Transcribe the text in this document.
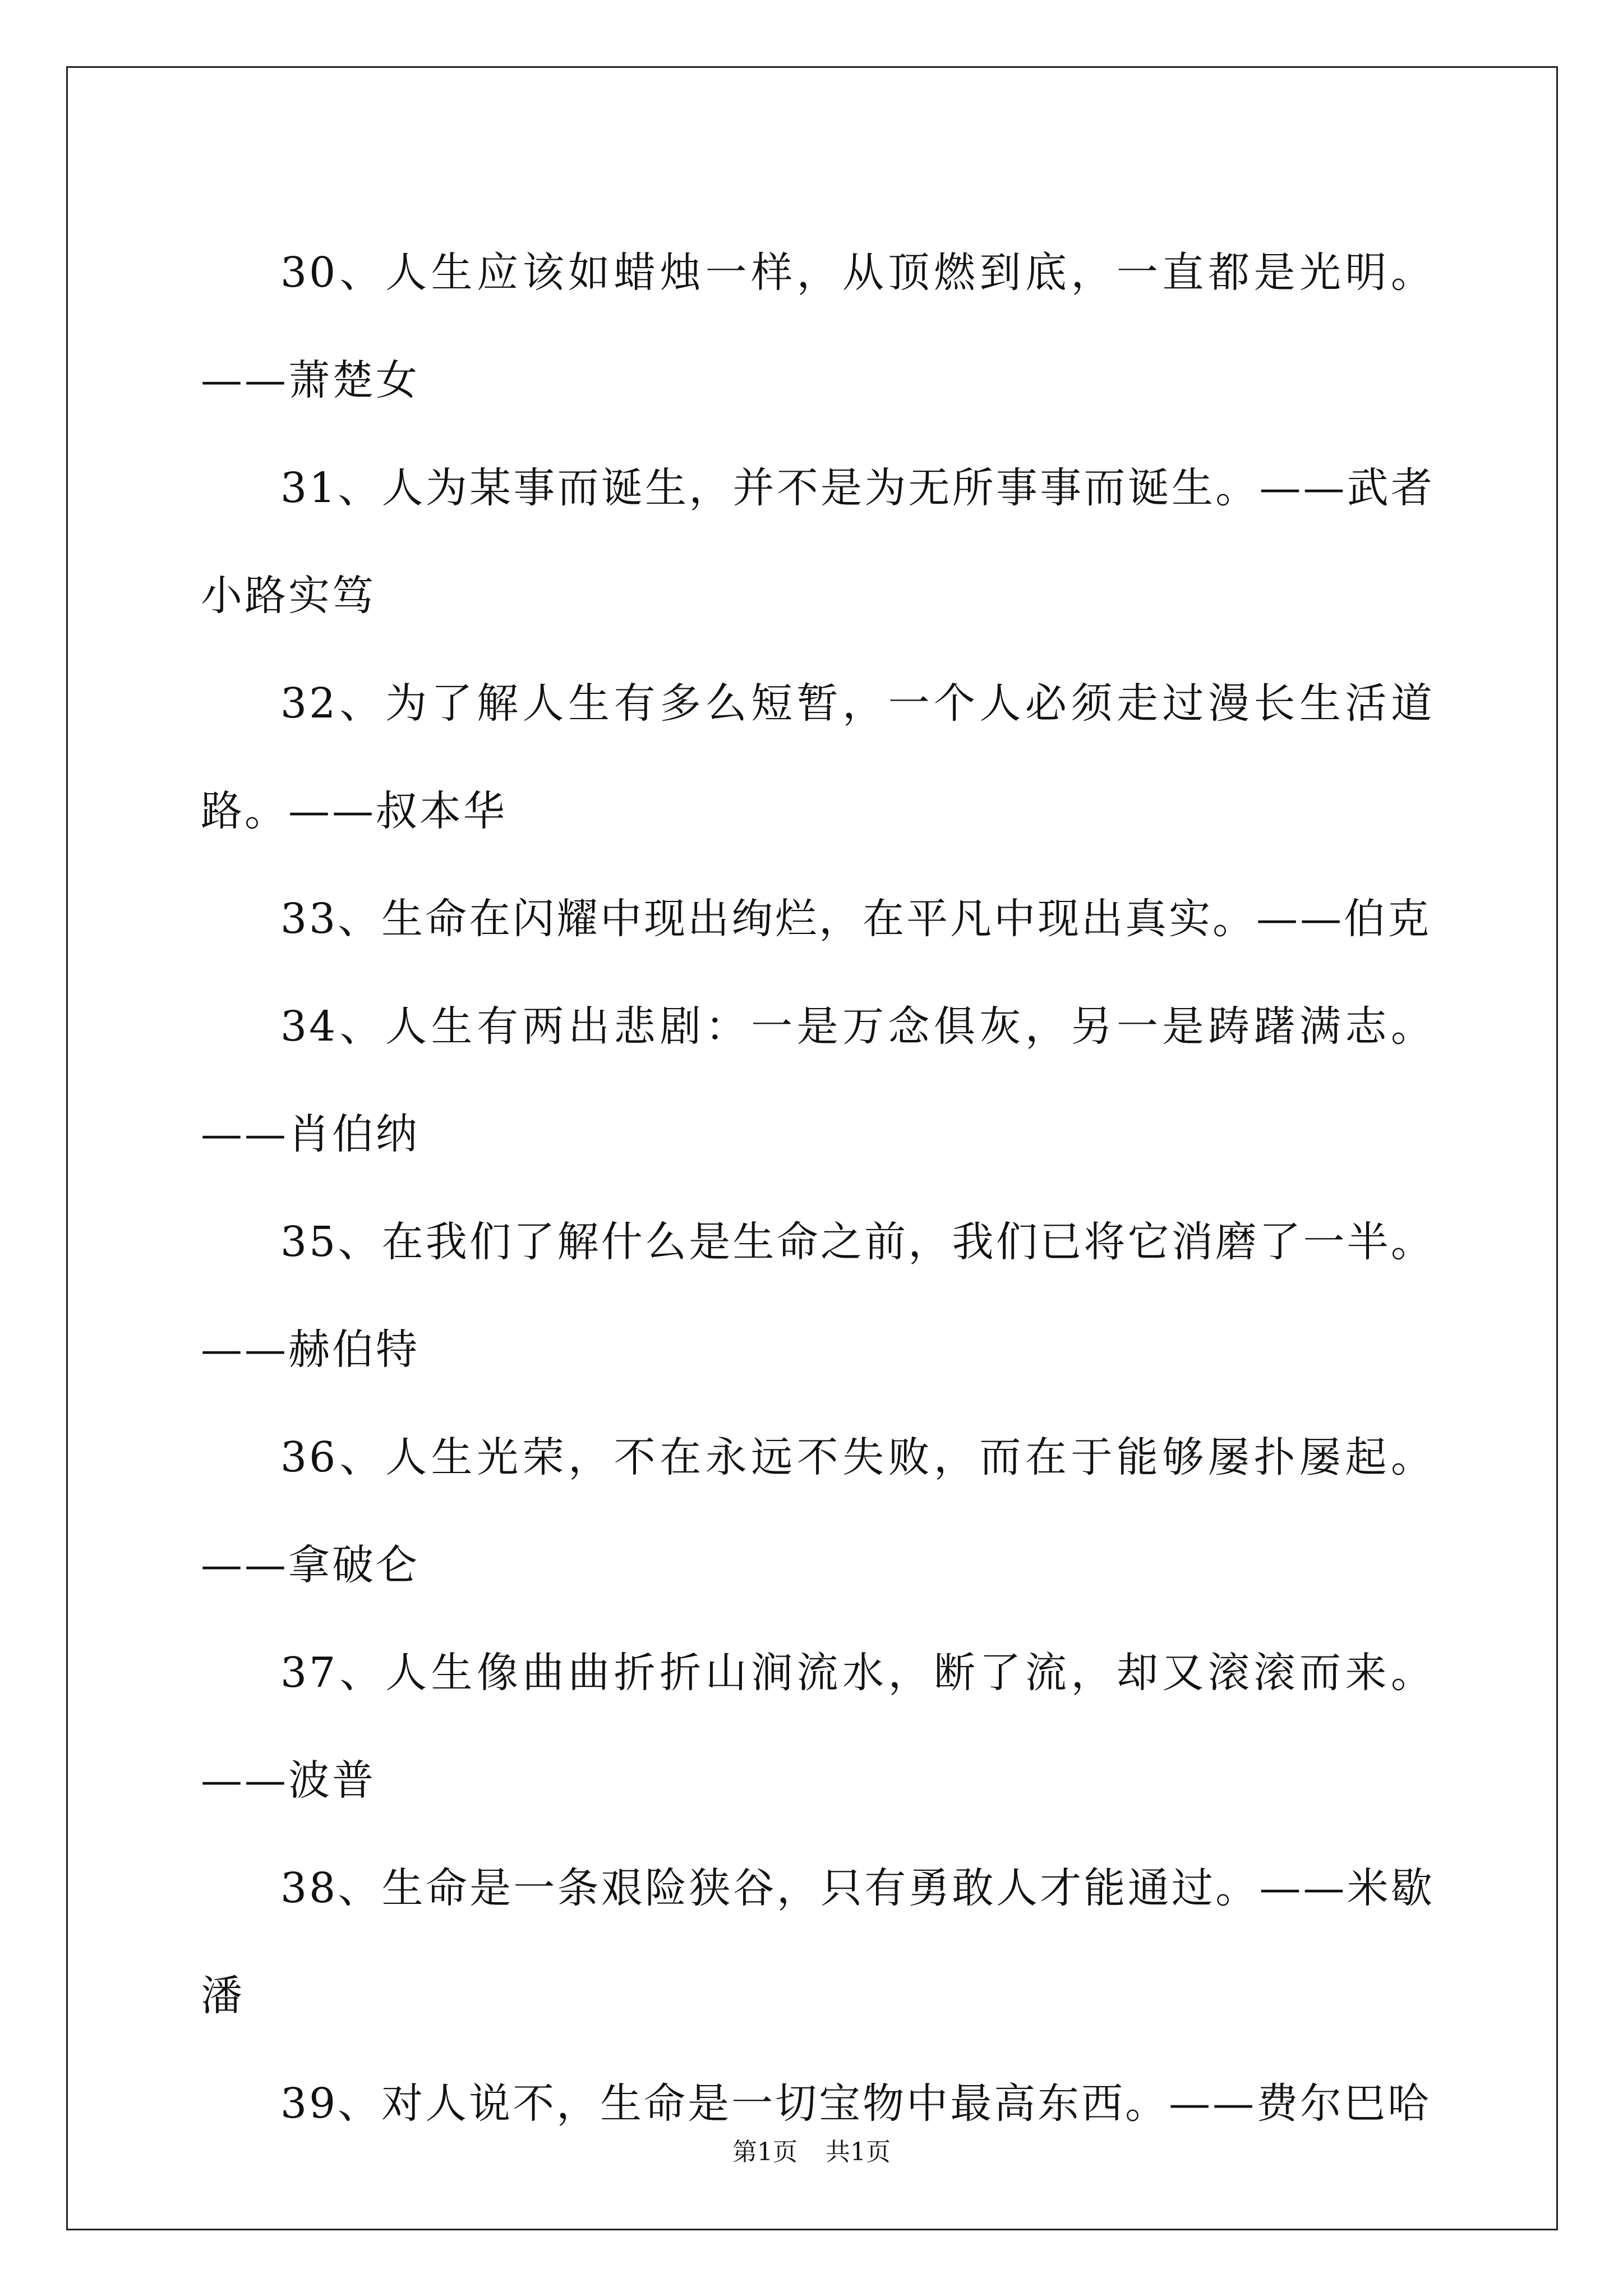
30、人生应该如蜡烛一样，从顶燃到底，一直都是光明。——萧楚女

31、人为某事而诞生，并不是为无所事事而诞生。——武者小路实笃

32、为了解人生有多么短暂，一个人必须走过漫长生活道路。——叔本华

33、生命在闪耀中现出绚烂，在平凡中现出真实。——伯克

34、人生有两出悲剧：一是万念俱灰，另一是踌躇满志。——肖伯纳

35、在我们了解什么是生命之前，我们已将它消磨了一半。——赫伯特

36、人生光荣，不在永远不失败，而在于能够屡扑屡起。——拿破仑

37、人生像曲曲折折山涧流水，断了流，却又滚滚而来。——波普

38、生命是一条艰险狭谷，只有勇敢人才能通过。——米歇潘

39、对人说不，生命是一切宝物中最高东西。——费尔巴哈

第1页 共1页
